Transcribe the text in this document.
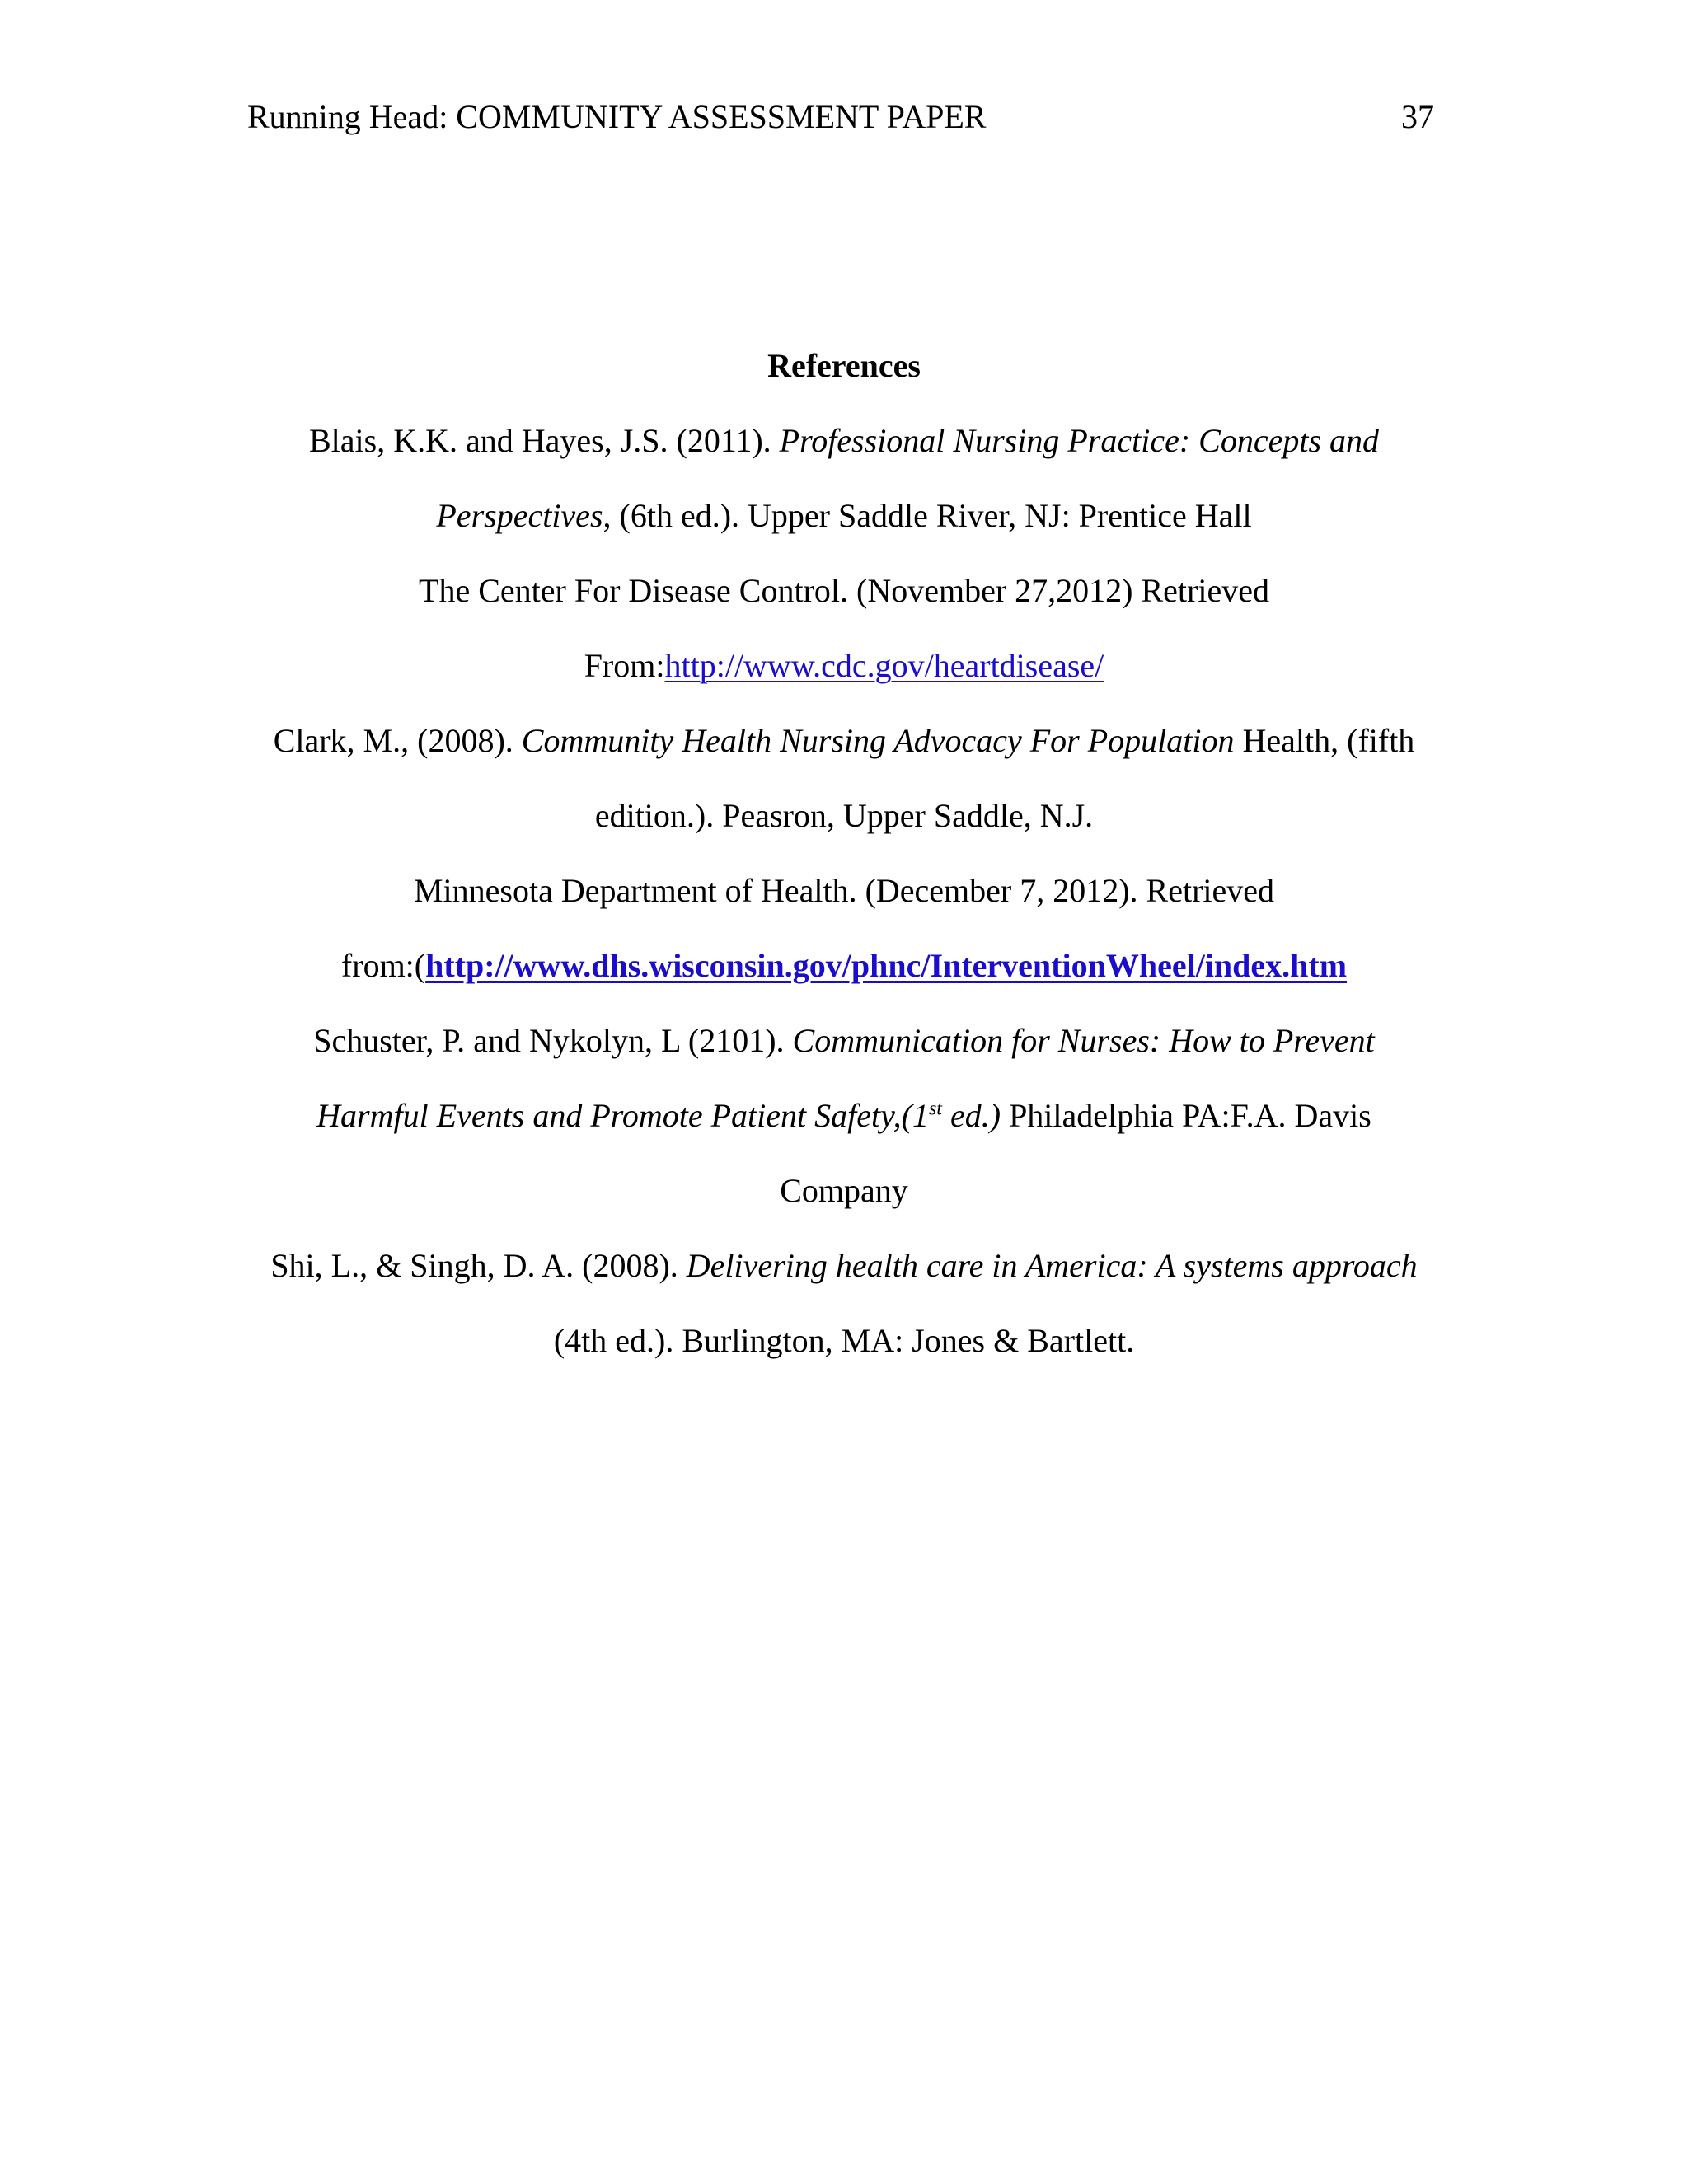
Running Head: COMMUNITY ASSESSMENT PAPER	37
References
Blais, K.K. and Hayes, J.S. (2011). Professional Nursing Practice: Concepts and
Perspectives, (6th ed.). Upper Saddle River, NJ: Prentice Hall
The Center For Disease Control. (November 27,2012) Retrieved
From:http://www.cdc.gov/heartdisease/
Clark, M., (2008). Community Health Nursing Advocacy For Population Health, (fifth
edition.). Peasron, Upper Saddle, N.J.
Minnesota Department of Health. (December 7, 2012). Retrieved
from:(http://www.dhs.wisconsin.gov/phnc/InterventionWheel/index.htm
Schuster, P. and Nykolyn, L (2101). Communication for Nurses: How to Prevent
Harmful Events and Promote Patient Safety,(1st ed.) Philadelphia PA:F.A. Davis
Company
Shi, L., & Singh, D. A. (2008). Delivering health care in America: A systems approach
(4th ed.). Burlington, MA: Jones & Bartlett.
